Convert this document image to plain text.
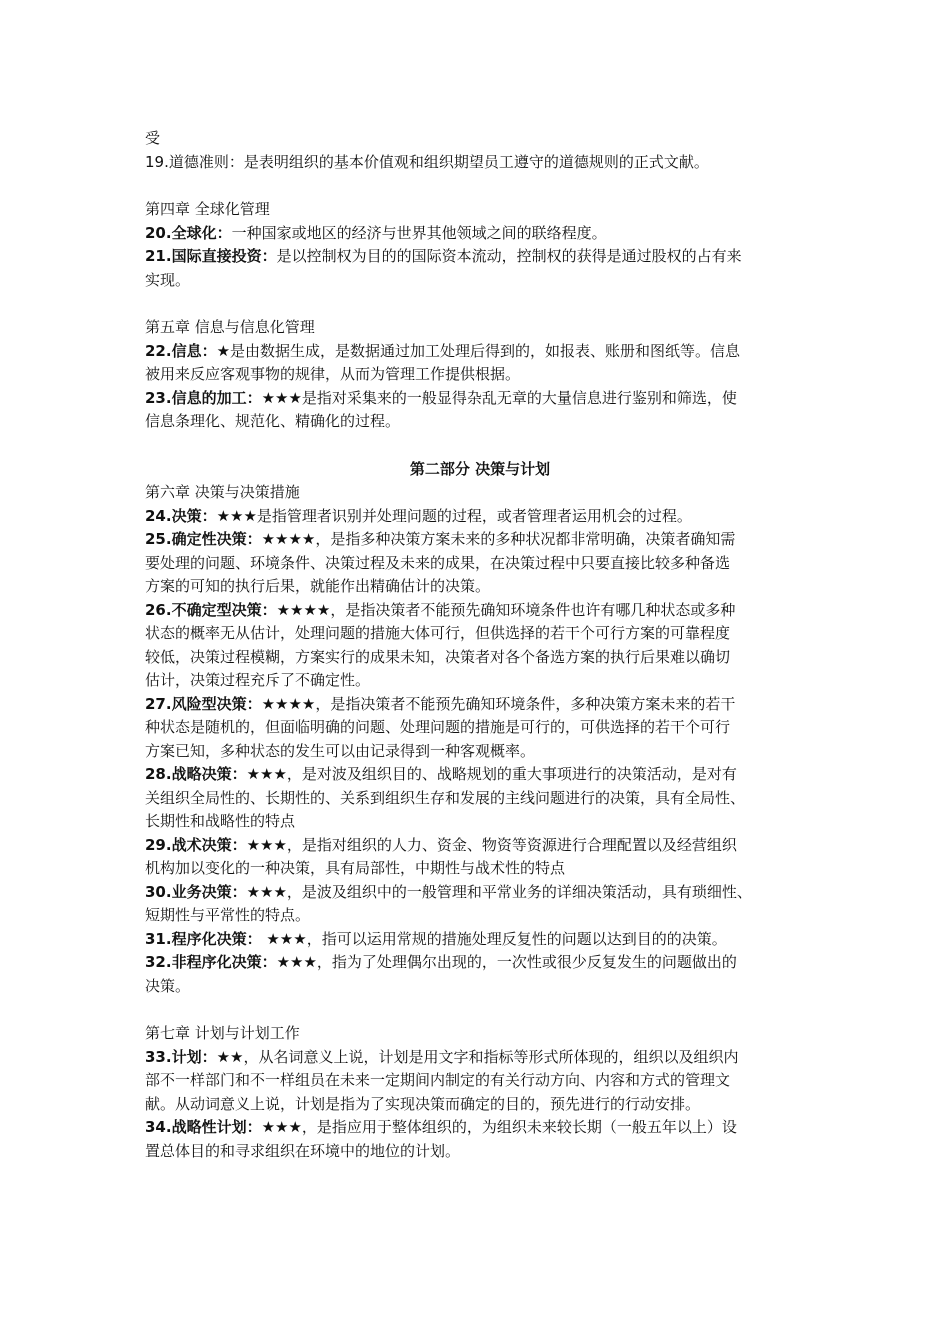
受
19.道德准则：是表明组织的基本价值观和组织期望员工遵守的道德规则的正式文献。
第四章 全球化管理
20.全球化：一种国家或地区的经济与世界其他领域之间的联络程度。
21.国际直接投资：是以控制权为目的的国际资本流动，控制权的获得是通过股权的占有来
实现。
第五章 信息与信息化管理
22.信息：★是由数据生成，是数据通过加工处理后得到的，如报表、账册和图纸等。信息
被用来反应客观事物的规律，从而为管理工作提供根据。
23.信息的加工：★★★是指对采集来的一般显得杂乱无章的大量信息进行鉴别和筛选，使
信息条理化、规范化、精确化的过程。
第二部分 决策与计划
第六章 决策与决策措施
24.决策：★★★是指管理者识别并处理问题的过程，或者管理者运用机会的过程。
25.确定性决策：★★★★，是指多种决策方案未来的多种状况都非常明确，决策者确知需
要处理的问题、环境条件、决策过程及未来的成果，在决策过程中只要直接比较多种备选
方案的可知的执行后果，就能作出精确估计的决策。
26.不确定型决策：★★★★，是指决策者不能预先确知环境条件也许有哪几种状态或多种
状态的概率无从估计，处理问题的措施大体可行，但供选择的若干个可行方案的可靠程度
较低，决策过程模糊，方案实行的成果未知，决策者对各个备选方案的执行后果难以确切
估计，决策过程充斥了不确定性。
27.风险型决策：★★★★，是指决策者不能预先确知环境条件，多种决策方案未来的若干
种状态是随机的，但面临明确的问题、处理问题的措施是可行的，可供选择的若干个可行
方案已知，多种状态的发生可以由记录得到一种客观概率。
28.战略决策：★★★，是对波及组织目的、战略规划的重大事项进行的决策活动，是对有
关组织全局性的、长期性的、关系到组织生存和发展的主线问题进行的决策，具有全局性、
长期性和战略性的特点
29.战术决策：★★★，是指对组织的人力、资金、物资等资源进行合理配置以及经营组织
机构加以变化的一种决策，具有局部性，中期性与战术性的特点
30.业务决策：★★★，是波及组织中的一般管理和平常业务的详细决策活动，具有琐细性、
短期性与平常性的特点。
31.程序化决策： ★★★，指可以运用常规的措施处理反复性的问题以达到目的的决策。
32.非程序化决策：★★★，指为了处理偶尔出现的，一次性或很少反复发生的问题做出的
决策。
第七章 计划与计划工作
33.计划：★★，从名词意义上说，计划是用文字和指标等形式所体现的，组织以及组织内
部不一样部门和不一样组员在未来一定期间内制定的有关行动方向、内容和方式的管理文
献。从动词意义上说，计划是指为了实现决策而确定的目的，预先进行的行动安排。
34.战略性计划：★★★，是指应用于整体组织的，为组织未来较长期（一般五年以上）设
置总体目的和寻求组织在环境中的地位的计划。
